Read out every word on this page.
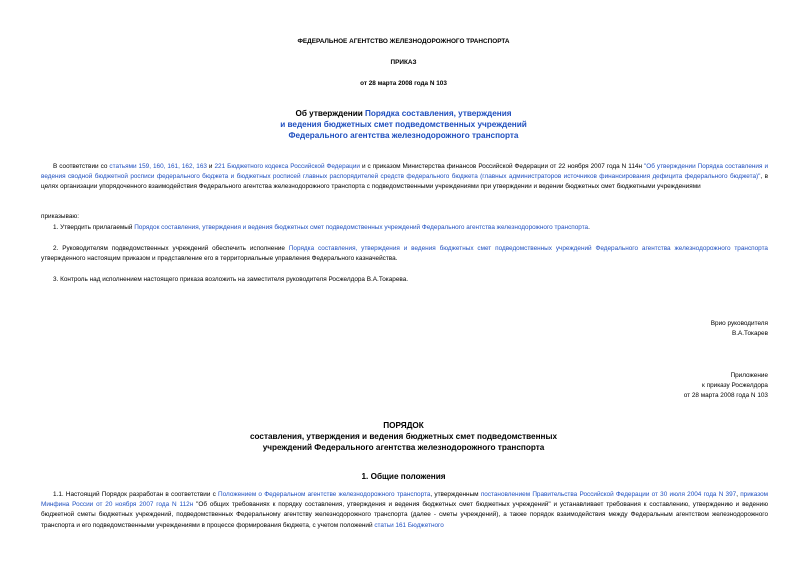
ФЕДЕРАЛЬНОЕ АГЕНТСТВО ЖЕЛЕЗНОДОРОЖНОГО ТРАНСПОРТА
ПРИКАЗ
от 28 марта 2008 года N 103
Об утверждении Порядка составления, утверждения
и ведения бюджетных смет подведомственных учреждений
Федерального агентства железнодорожного транспорта
В соответствии со статьями 159, 160, 161, 162, 163 и 221 Бюджетного кодекса Российской Федерации и с приказом Министерства финансов Российской Федерации от 22 ноября 2007 года N 114н "Об утверждении Порядка составления и ведения сводной бюджетной росписи федерального бюджета и бюджетных росписей главных распорядителей средств федерального бюджета (главных администраторов источников финансирования дефицита федерального бюджета)", в целях организации упорядоченного взаимодействия Федерального агентства железнодорожного транспорта с подведомственными учреждениями при утверждении и ведении бюджетных смет бюджетными учреждениями
приказываю:
1. Утвердить прилагаемый Порядок составления, утверждения и ведения бюджетных смет подведомственных учреждений Федерального агентства железнодорожного транспорта.
2. Руководителям подведомственных учреждений обеспечить исполнение Порядка составления, утверждения и ведения бюджетных смет подведомственных учреждений Федерального агентства железнодорожного транспорта утвержденного настоящим приказом и представление его в территориальные управления Федерального казначейства.
3. Контроль над исполнением настоящего приказа возложить на заместителя руководителя Росжелдора В.А.Токарева.
Врио руководителя
В.А.Токарев
Приложение
к приказу Росжелдора
от 28 марта 2008 года N 103
ПОРЯДОК
составления, утверждения и ведения бюджетных смет подведомственных
учреждений Федерального агентства железнодорожного транспорта
1. Общие положения
1.1. Настоящий Порядок разработан в соответствии с Положением о Федеральном агентстве железнодорожного транспорта, утвержденным постановлением Правительства Российской Федерации от 30 июля 2004 года N 397, приказом Минфина России от 20 ноября 2007 года N 112н "Об общих требованиях к порядку составления, утверждения и ведения бюджетных смет бюджетных учреждений" и устанавливает требования к составлению, утверждению и ведению бюджетной сметы бюджетных учреждений, подведомственных Федеральному агентству железнодорожного транспорта (далее - сметы учреждений), а также порядок взаимодействия между Федеральным агентством железнодорожного транспорта и его подведомственными учреждениями в процессе формирования бюджета, с учетом положений статьи 161 Бюджетного
